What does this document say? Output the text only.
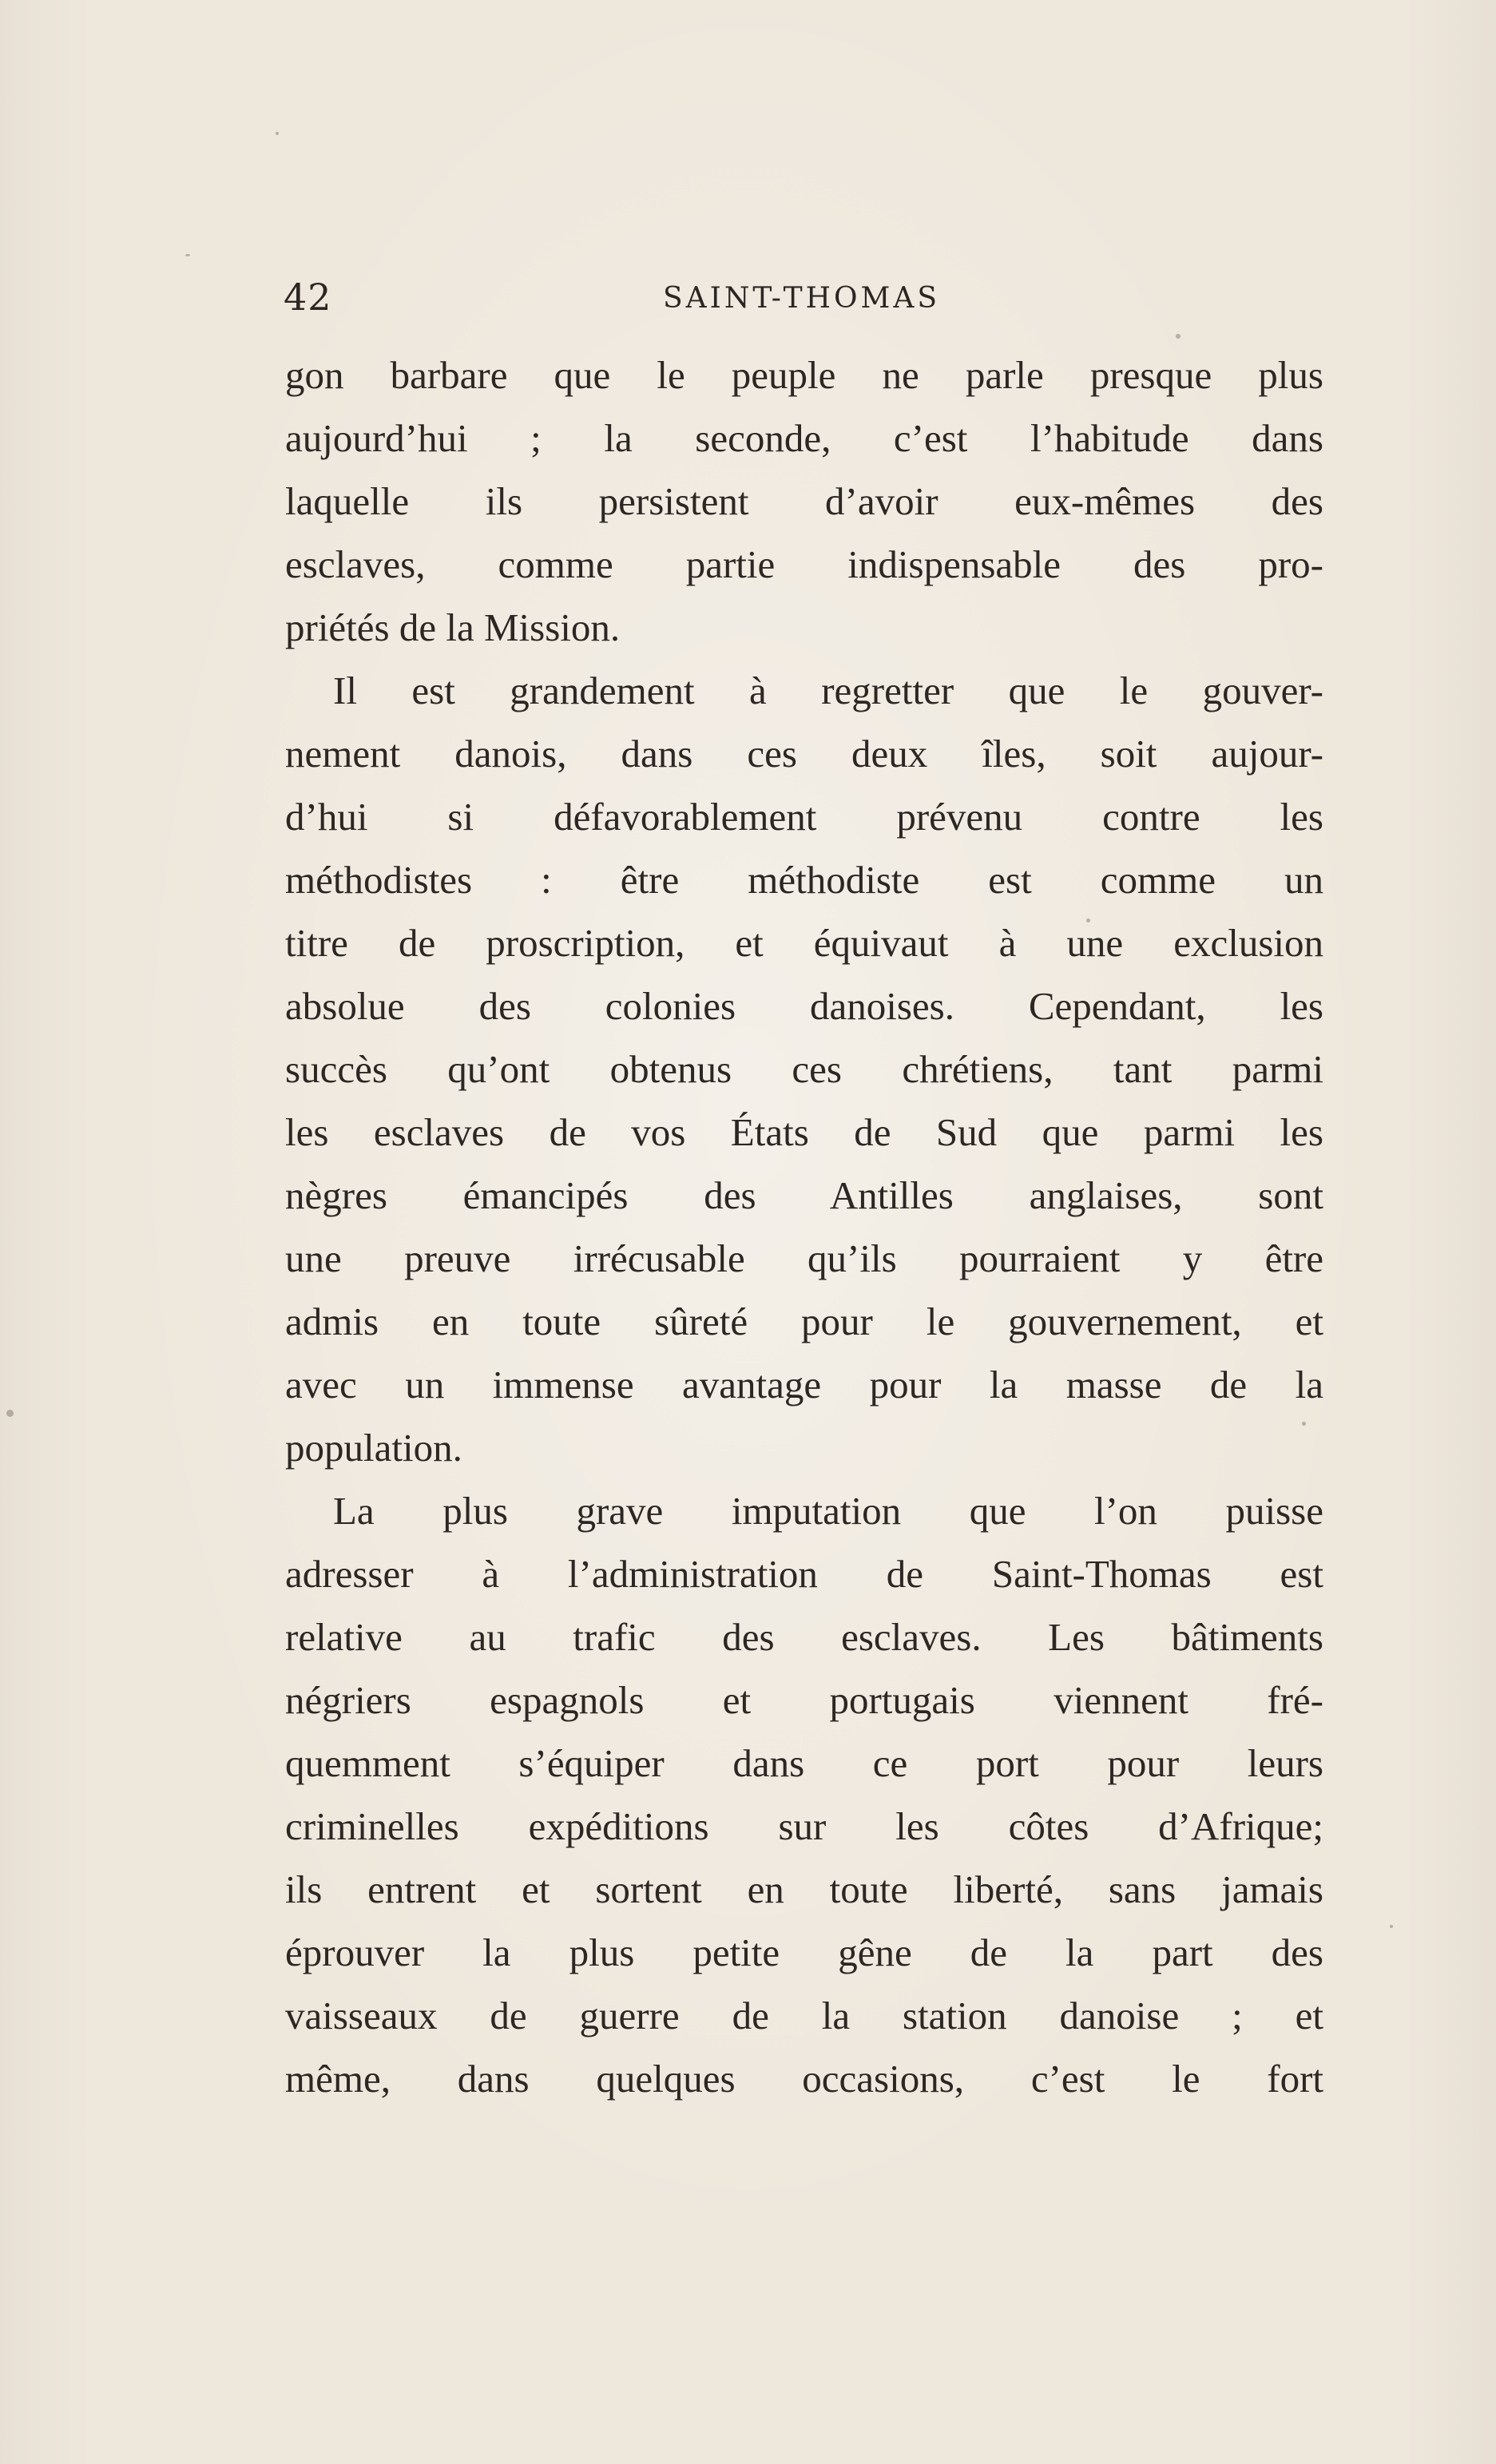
42	SAINT-THOMAS
gon barbare que le peuple ne parle presque plus
aujourd’hui ; la seconde, c’est l’habitude dans
laquelle ils persistent d’avoir eux-mêmes des
esclaves, comme partie indispensable des pro-
priétés de la Mission.
Il est grandement à regretter que le gouver-
nement danois, dans ces deux îles, soit aujour-
d’hui si défavorablement prévenu contre les
méthodistes : être méthodiste est comme un
titre de proscription, et équivaut à une exclusion
absolue des colonies danoises. Cependant, les
succès qu’ont obtenus ces chrétiens, tant parmi
les esclaves de vos États de Sud que parmi les
nègres émancipés des Antilles anglaises, sont
une preuve irrécusable qu’ils pourraient y être
admis en toute sûreté pour le gouvernement, et
avec un immense avantage pour la masse de la
population.
La plus grave imputation que l’on puisse
adresser à l’administration de Saint-Thomas est
relative au trafic des esclaves. Les bâtiments
négriers espagnols et portugais viennent fré-
quemment s’équiper dans ce port pour leurs
criminelles expéditions sur les côtes d’Afrique;
ils entrent et sortent en toute liberté, sans jamais
éprouver la plus petite gêne de la part des
vaisseaux de guerre de la station danoise ; et
même, dans quelques occasions, c’est le fort
